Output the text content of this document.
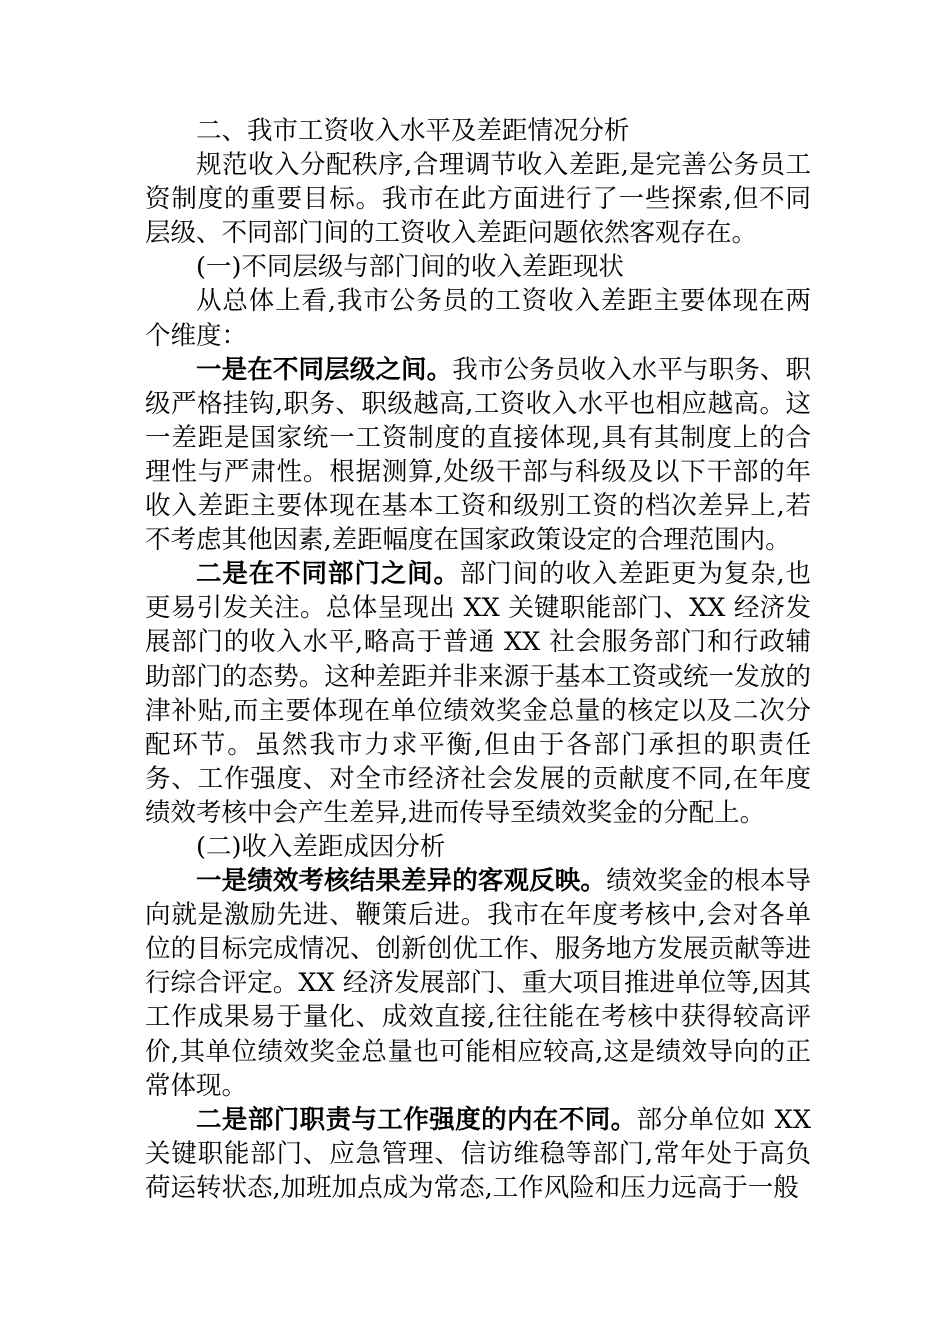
二、我市工资收入水平及差距情况分析

规范收入分配秩序,合理调节收入差距,是完善公务员工资制度的重要目标。我市在此方面进行了一些探索,但不同层级、不同部门间的工资收入差距问题依然客观存在。

(一)不同层级与部门间的收入差距现状

从总体上看,我市公务员的工资收入差距主要体现在两个维度：

一是在不同层级之间。我市公务员收入水平与职务、职级严格挂钩,职务、职级越高,工资收入水平也相应越高。这一差距是国家统一工资制度的直接体现,具有其制度上的合理性与严肃性。根据测算,处级干部与科级及以下干部的年收入差距主要体现在基本工资和级别工资的档次差异上,若不考虑其他因素,差距幅度在国家政策设定的合理范围内。

二是在不同部门之间。部门间的收入差距更为复杂,也更易引发关注。总体呈现出 XX 关键职能部门、XX 经济发展部门的收入水平,略高于普通 XX 社会服务部门和行政辅助部门的态势。这种差距并非来源于基本工资或统一发放的津补贴,而主要体现在单位绩效奖金总量的核定以及二次分配环节。虽然我市力求平衡,但由于各部门承担的职责任务、工作强度、对全市经济社会发展的贡献度不同,在年度绩效考核中会产生差异,进而传导至绩效奖金的分配上。

(二)收入差距成因分析

一是绩效考核结果差异的客观反映。绩效奖金的根本导向就是激励先进、鞭策后进。我市在年度考核中,会对各单位的目标完成情况、创新创优工作、服务地方发展贡献等进行综合评定。XX 经济发展部门、重大项目推进单位等,因其工作成果易于量化、成效直接,往往能在考核中获得较高评价,其单位绩效奖金总量也可能相应较高,这是绩效导向的正常体现。

二是部门职责与工作强度的内在不同。部分单位如 XX 关键职能部门、应急管理、信访维稳等部门,常年处于高负荷运转状态,加班加点成为常态,工作风险和压力远高于一般
